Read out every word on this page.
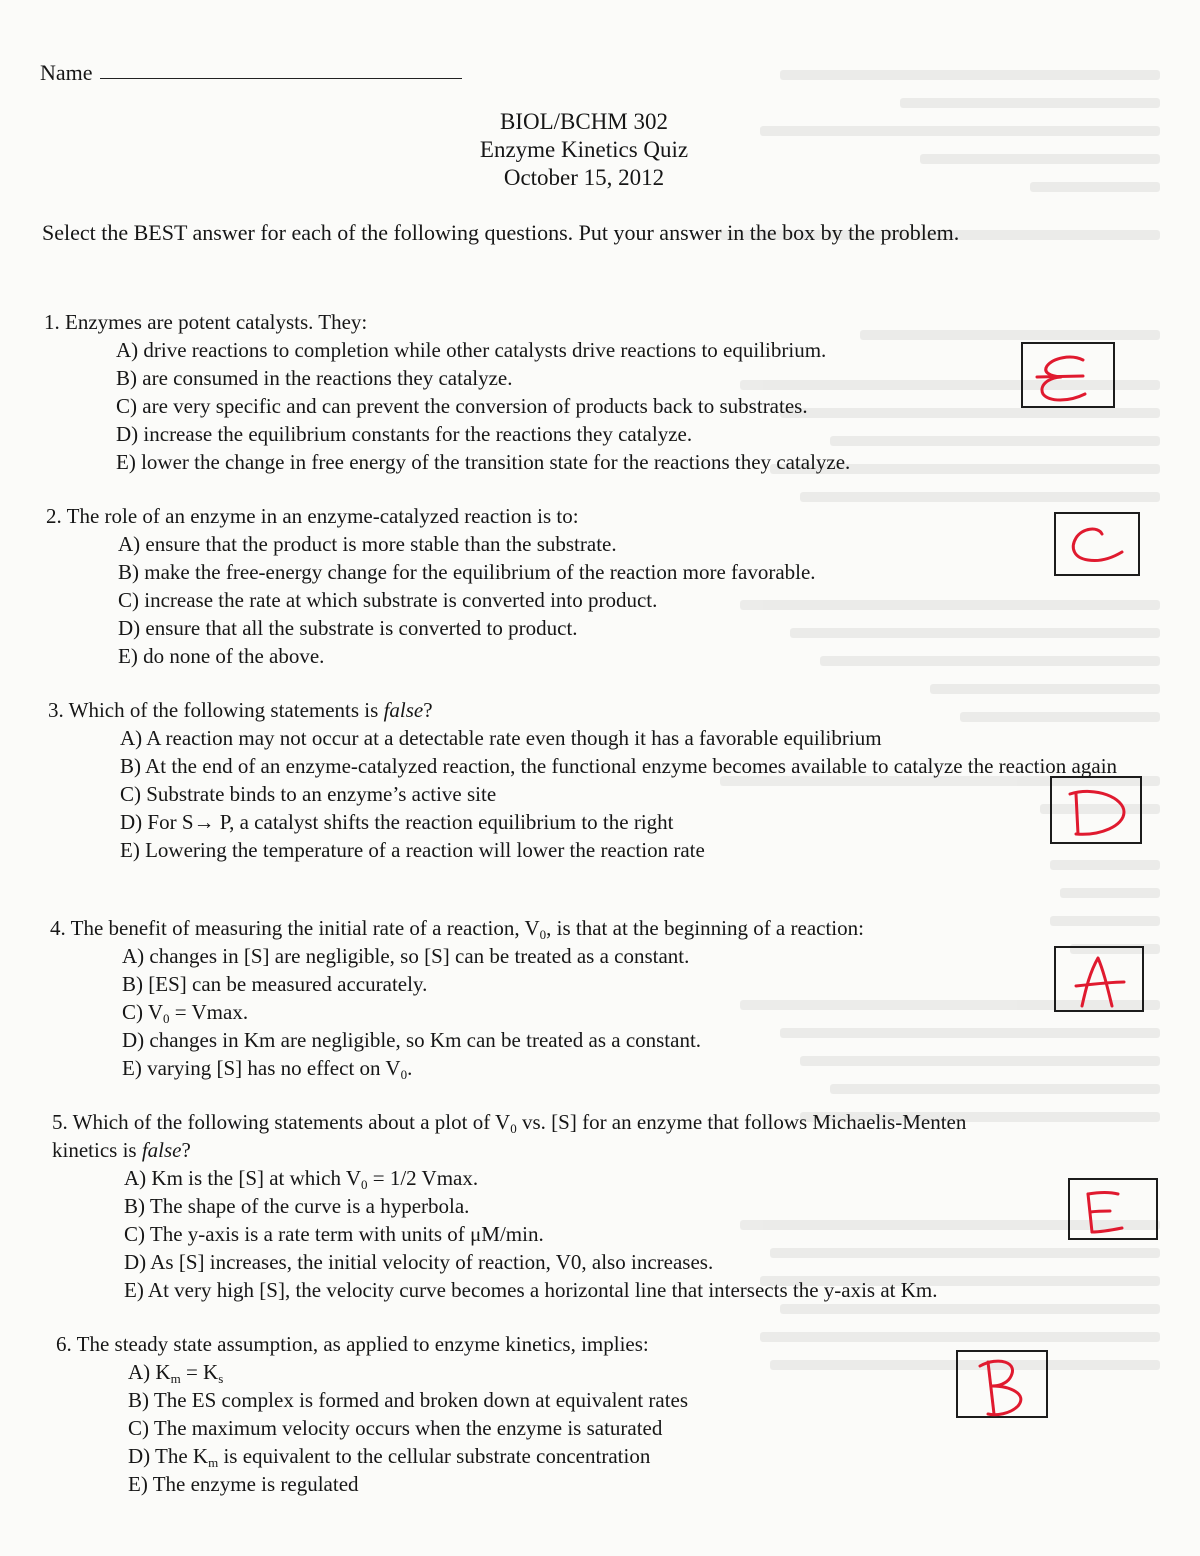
Name
BIOL/BCHM 302
Enzyme Kinetics Quiz
October 15, 2012
Select the BEST answer for each of the following questions. Put your answer in the box by the problem.
1. Enzymes are potent catalysts. They:
A) drive reactions to completion while other catalysts drive reactions to equilibrium.
B) are consumed in the reactions they catalyze.
C) are very specific and can prevent the conversion of products back to substrates.
D) increase the equilibrium constants for the reactions they catalyze.
E) lower the change in free energy of the transition state for the reactions they catalyze.
2. The role of an enzyme in an enzyme-catalyzed reaction is to:
A) ensure that the product is more stable than the substrate.
B) make the free-energy change for the equilibrium of the reaction more favorable.
C) increase the rate at which substrate is converted into product.
D) ensure that all the substrate is converted to product.
E) do none of the above.
3. Which of the following statements is false?
A) A reaction may not occur at a detectable rate even though it has a favorable equilibrium
B) At the end of an enzyme-catalyzed reaction, the functional enzyme becomes available to catalyze the reaction again
C) Substrate binds to an enzyme’s active site
D) For S→ P, a catalyst shifts the reaction equilibrium to the right
E) Lowering the temperature of a reaction will lower the reaction rate
4. The benefit of measuring the initial rate of a reaction, $V_0$, is that at the beginning of a reaction:
A) changes in [S] are negligible, so [S] can be treated as a constant.
B) [ES] can be measured accurately.
C) $V_0 = Vmax$.
D) changes in Km are negligible, so Km can be treated as a constant.
E) varying [S] has no effect on $V_0$.
5. Which of the following statements about a plot of $V_0$ vs. [S] for an enzyme that follows Michaelis-Menten
kinetics is false?
A) Km is the [S] at which $V_0 = 1/2$ Vmax.
B) The shape of the curve is a hyperbola.
C) The y-axis is a rate term with units of μM/min.
D) As [S] increases, the initial velocity of reaction, V0, also increases.
E) At very high [S], the velocity curve becomes a horizontal line that intersects the y-axis at Km.
6. The steady state assumption, as applied to enzyme kinetics, implies:
A) $K_m = K_s$
B) The ES complex is formed and broken down at equivalent rates
C) The maximum velocity occurs when the enzyme is saturated
D) The $K_m$ is equivalent to the cellular substrate concentration
E) The enzyme is regulated
